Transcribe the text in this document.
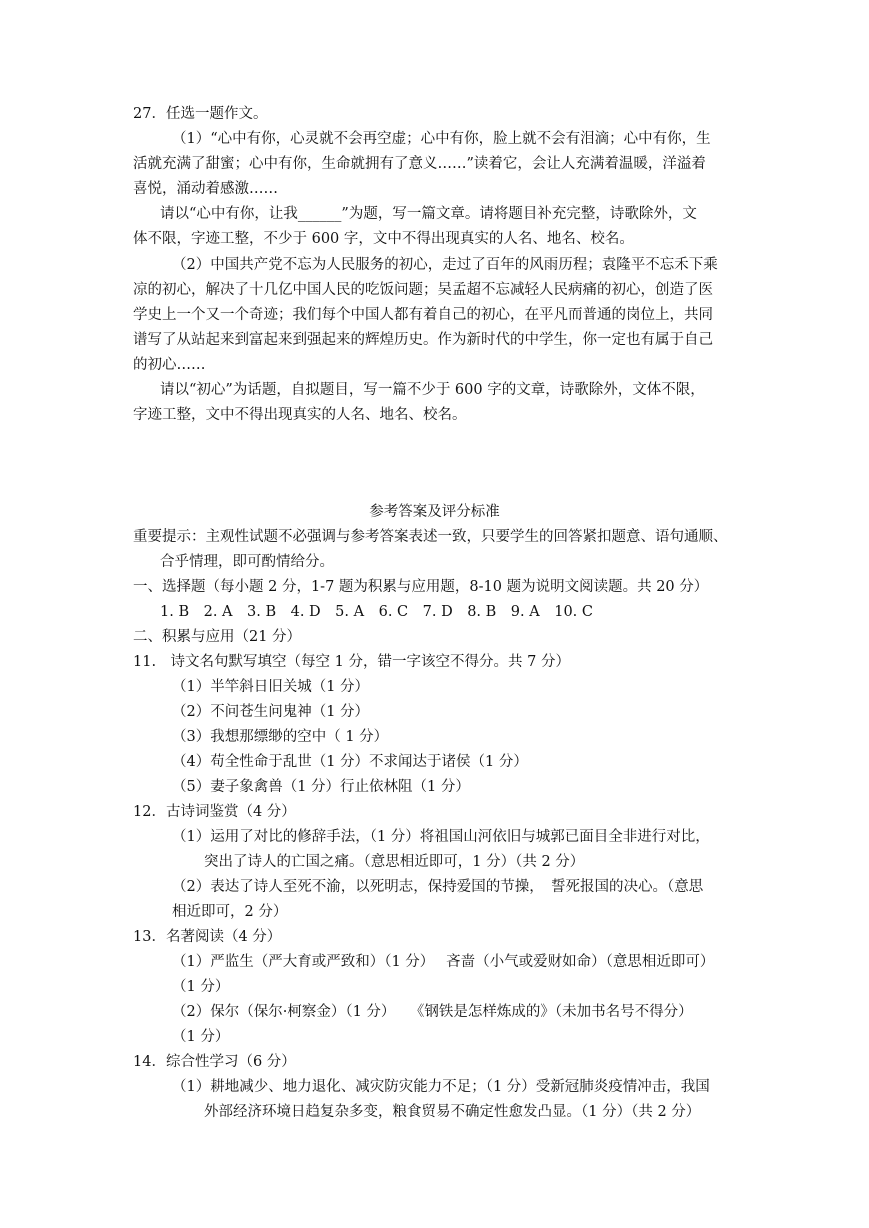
27．任选一题作文。
（1）“心中有你，心灵就不会再空虚；心中有你，脸上就不会有泪滴；心中有你，生
活就充满了甜蜜；心中有你，生命就拥有了意义……”读着它，会让人充满着温暖，洋溢着
喜悦，涌动着感激……
请以“心中有你，让我______”为题，写一篇文章。请将题目补充完整，诗歌除外，文
体不限，字迹工整，不少于 600 字，文中不得出现真实的人名、地名、校名。
（2）中国共产党不忘为人民服务的初心，走过了百年的风雨历程；袁隆平不忘禾下乘
凉的初心，解决了十几亿中国人民的吃饭问题；吴孟超不忘减轻人民病痛的初心，创造了医
学史上一个又一个奇迹；我们每个中国人都有着自己的初心，在平凡而普通的岗位上，共同
谱写了从站起来到富起来到强起来的辉煌历史。作为新时代的中学生，你一定也有属于自己
的初心……
请以“初心”为话题，自拟题目，写一篇不少于 600 字的文章，诗歌除外，文体不限，
字迹工整，文中不得出现真实的人名、地名、校名。
参考答案及评分标准
重要提示：主观性试题不必强调与参考答案表述一致，只要学生的回答紧扣题意、语句通顺、
合乎情理，即可酌情给分。
一、选择题（每小题 2 分，1-7 题为积累与应用题，8-10 题为说明文阅读题。共 20 分）
1. B　2. A　3. B　4. D　5. A　6. C　7. D　8. B　9. A　10. C
二、积累与应用（21 分）
11.　诗文名句默写填空（每空 1 分，错一字该空不得分。共 7 分）
（1）半竿斜日旧关城（1 分）
（2）不问苍生问鬼神（1 分）
（3）我想那缥缈的空中（ 1 分）
（4）苟全性命于乱世（1 分）不求闻达于诸侯（1 分）
（5）妻子象禽兽（1 分）行止依林阻（1 分）
12．古诗词鉴赏（4 分）
（1）运用了对比的修辞手法，（1 分）将祖国山河依旧与城郭已面目全非进行对比，
突出了诗人的亡国之痛。（意思相近即可，1 分）（共 2 分）
（2）表达了诗人至死不渝，以死明志，保持爱国的节操，　誓死报国的决心。（意思
相近即可，2 分）
13．名著阅读（4 分）
（1）严监生（严大育或严致和）（1 分）　 吝啬（小气或爱财如命）（意思相近即可）
（1 分）
（2）保尔（保尔·柯察金）（1 分）　　《钢铁是怎样炼成的》（未加书名号不得分）
（1 分）
14．综合性学习（6 分）
（1）耕地减少、地力退化、减灾防灾能力不足；（1 分）受新冠肺炎疫情冲击，我国
外部经济环境日趋复杂多变，粮食贸易不确定性愈发凸显。（1 分）（共 2 分）
